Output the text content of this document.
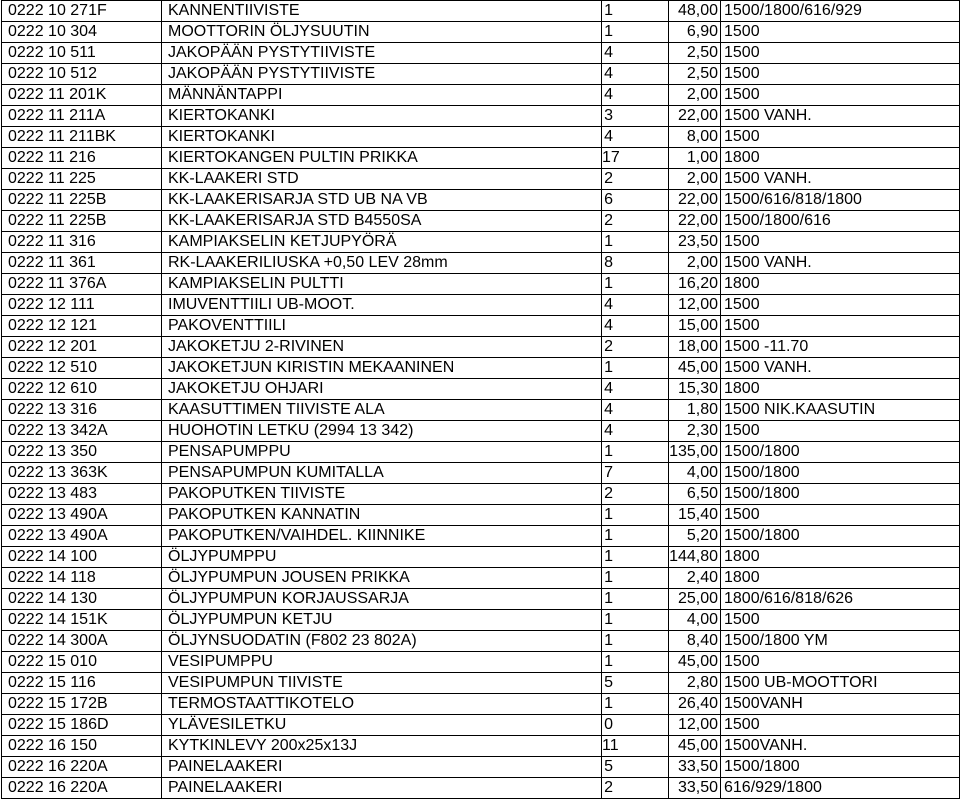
0222 10 271F	KANNENTIIVISTE	1	48,00	1500/1800/616/929
0222 10 304	MOOTTORIN ÖLJYSUUTIN	1	6,90	1500
0222 10 511	JAKOPÄÄN PYSTYTIIVISTE	4	2,50	1500
0222 10 512	JAKOPÄÄN PYSTYTIIVISTE	4	2,50	1500
0222 11 201K	MÄNNÄNTAPPI	4	2,00	1500
0222 11 211A	KIERTOKANKI	3	22,00	1500 VANH.
0222 11 211BK	KIERTOKANKI	4	8,00	1500
0222 11 216	KIERTOKANGEN PULTIN PRIKKA	17	1,00	1800
0222 11 225	KK-LAAKERI STD	2	2,00	1500 VANH.
0222 11 225B	KK-LAAKERISARJA STD UB NA VB	6	22,00	1500/616/818/1800
0222 11 225B	KK-LAAKERISARJA STD B4550SA	2	22,00	1500/1800/616
0222 11 316	KAMPIAKSELIN KETJUPYÖRÄ	1	23,50	1500
0222 11 361	RK-LAAKERILIUSKA +0,50 LEV 28mm	8	2,00	1500 VANH.
0222 11 376A	KAMPIAKSELIN PULTTI	1	16,20	1800
0222 12 111	IMUVENTTIILI UB-MOOT.	4	12,00	1500
0222 12 121	PAKOVENTTIILI	4	15,00	1500
0222 12 201	JAKOKETJU 2-RIVINEN	2	18,00	1500 -11.70
0222 12 510	JAKOKETJUN KIRISTIN MEKAANINEN	1	45,00	1500 VANH.
0222 12 610	JAKOKETJU OHJARI	4	15,30	1800
0222 13 316	KAASUTTIMEN TIIVISTE ALA	4	1,80	1500 NIK.KAASUTIN
0222 13 342A	HUOHOTIN LETKU (2994 13 342)	4	2,30	1500
0222 13 350	PENSAPUMPPU	1	135,00	1500/1800
0222 13 363K	PENSAPUMPUN KUMITALLA	7	4,00	1500/1800
0222 13 483	PAKOPUTKEN TIIVISTE	2	6,50	1500/1800
0222 13 490A	PAKOPUTKEN KANNATIN	1	15,40	1500
0222 13 490A	PAKOPUTKEN/VAIHDEL. KIINNIKE	1	5,20	1500/1800
0222 14 100	ÖLJYPUMPPU	1	144,80	1800
0222 14 118	ÖLJYPUMPUN JOUSEN PRIKKA	1	2,40	1800
0222 14 130	ÖLJYPUMPUN KORJAUSSARJA	1	25,00	1800/616/818/626
0222 14 151K	ÖLJYPUMPUN KETJU	1	4,00	1500
0222 14 300A	ÖLJYNSUODATIN (F802 23 802A)	1	8,40	1500/1800 YM
0222 15 010	VESIPUMPPU	1	45,00	1500
0222 15 116	VESIPUMPUN TIIVISTE	5	2,80	1500 UB-MOOTTORI
0222 15 172B	TERMOSTAATTIKOTELO	1	26,40	1500VANH
0222 15 186D	YLÄVESILETKU	0	12,00	1500
0222 16 150	KYTKINLEVY 200x25x13J	11	45,00	1500VANH.
0222 16 220A	PAINELAAKERI	5	33,50	1500/1800
0222 16 220A	PAINELAAKERI	2	33,50	616/929/1800
